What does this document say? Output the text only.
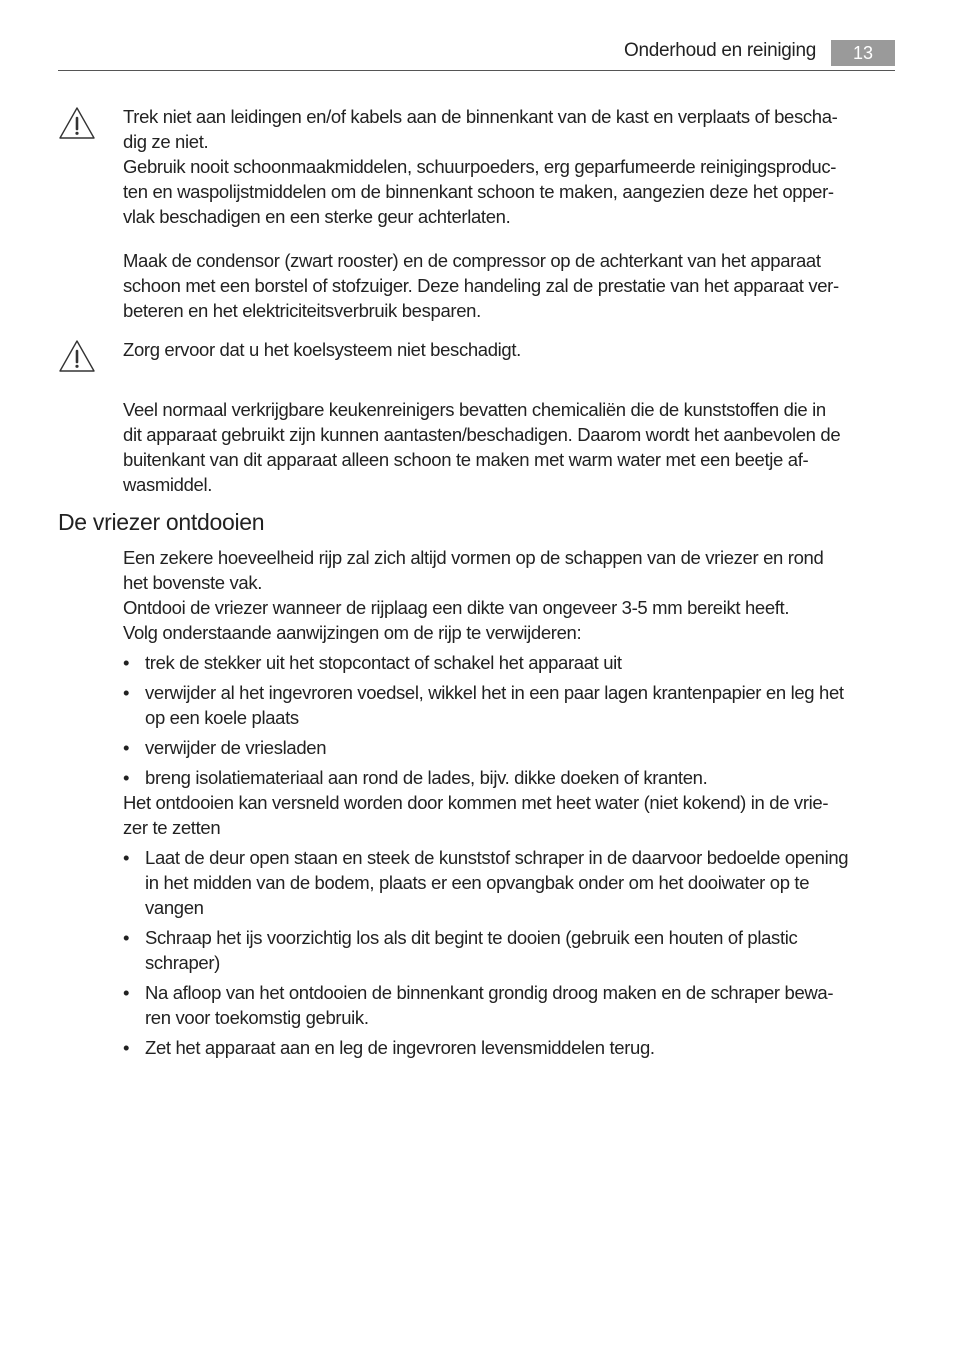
Onderhoud en reiniging	13

Trek niet aan leidingen en/of kabels aan de binnenkant van de kast en verplaats of bescha-

dig ze niet.

Gebruik nooit schoonmaakmiddelen, schuurpoeders, erg geparfumeerde reinigingsproduc-

ten en waspolijstmiddelen om de binnenkant schoon te maken, aangezien deze het opper-

vlak beschadigen en een sterke geur achterlaten.

Maak de condensor (zwart rooster) en de compressor op de achterkant van het apparaat

schoon met een borstel of stofzuiger. Deze handeling zal de prestatie van het apparaat ver-

beteren en het elektriciteitsverbruik besparen.

Zorg ervoor dat u het koelsysteem niet beschadigt.

Veel normaal verkrijgbare keukenreinigers bevatten chemicaliën die de kunststoffen die in

dit apparaat gebruikt zijn kunnen aantasten/beschadigen. Daarom wordt het aanbevolen de

buitenkant van dit apparaat alleen schoon te maken met warm water met een beetje af-

wasmiddel.

De vriezer ontdooien

Een zekere hoeveelheid rijp zal zich altijd vormen op de schappen van de vriezer en rond

het bovenste vak.

Ontdooi de vriezer wanneer de rijplaag een dikte van ongeveer 3-5 mm bereikt heeft.

Volg onderstaande aanwijzingen om de rijp te verwijderen:

• trek de stekker uit het stopcontact of schakel het apparaat uit

• verwijder al het ingevroren voedsel, wikkel het in een paar lagen krantenpapier en leg het

op een koele plaats

• verwijder de vriesladen

• breng isolatiemateriaal aan rond de lades, bijv. dikke doeken of kranten.

Het ontdooien kan versneld worden door kommen met heet water (niet kokend) in de vrie-

zer te zetten

• Laat de deur open staan en steek de kunststof schraper in de daarvoor bedoelde opening

in het midden van de bodem, plaats er een opvangbak onder om het dooiwater op te

vangen

• Schraap het ijs voorzichtig los als dit begint te dooien (gebruik een houten of plastic

schraper)

• Na afloop van het ontdooien de binnenkant grondig droog maken en de schraper bewa-

ren voor toekomstig gebruik.

• Zet het apparaat aan en leg de ingevroren levensmiddelen terug.
